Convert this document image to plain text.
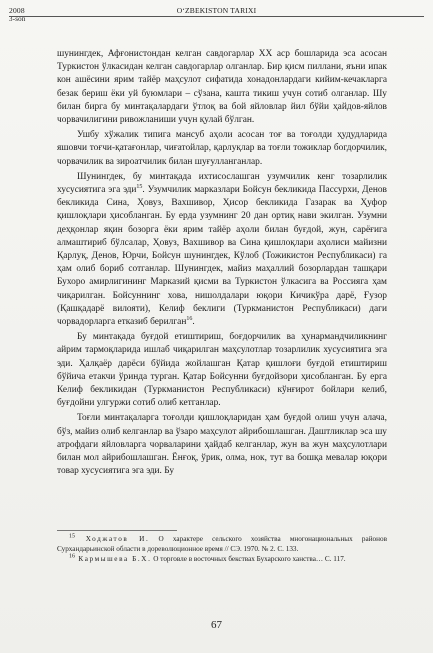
2008
3-son
O‘ZBEKISTON TARIXI

шунингдек, Афғонистондан келган савдогарлар ХХ аср бошларида эса асосан Туркистон ўлкасидан келган савдогарлар олганлар. Бир қисм пиллани, яъни ипак кон ашёсини ярим тайёр маҳсулот сифатида хонадонлардаги кийим-кечакларга безак бериш ёки уй буюмлари – сўзана, кашта тикиш учун сотиб олганлар. Шу билан бирга бу минтақалардаги ўтлоқ ва бой яйловлар йил бўйи ҳайдов-яйлов чорвачилигини ривожланиши учун қулай бўлган.

Ушбу хўжалик типига мансуб аҳоли асосан тоғ ва тоғолди ҳудудларида яшовчи тоғчи-қатағонлар, чиғатойлар, қарлуқлар ва тоғли тожиклар богдорчилик, чорвачилик ва зироатчилик билан шуғулланганлар.

Шунингдек, бу минтақада ихтисослашган узумчилик кенг тозарлилик хусусиятига эга эди$^{15}$. Узумчилик марказлари Бойсун бекликида Пассурхи, Денов бекликида Сина, Ҳовуз, Вахшивор, Ҳисор бекликида Газарак ва Ҳуфор қишлоқлари ҳисобланган. Бу ерда узумнинг 20 дан ортиқ нави экилган. Узумни деҳқонлар яқин бозорга ёки ярим тайёр аҳоли билан буғдой, жун, сарёғига алмаштириб бўлсалар, Ҳовуз, Вахшивор ва Сина қишлоқлари аҳолиси майизни Қарлуқ, Денов, Юрчи, Бойсун шунингдек, Кўлоб (Тожикистон Республикаси) га ҳам олиб бориб сотганлар. Шунингдек, майиз маҳаллий бозорлардан ташқари Бухоро амирлигининг Марказий қисми ва Туркистон ўлкасига ва Россияга ҳам чиқарилган. Бойсуннинг хова, нишолдалари юқори Кичикўра дарё, Ғузор (Қашқадарё вилояти), Келиф беклиги (Туркманистон Республикаси) даги чорвадорларга етказиб берилган$^{16}$.

Бу минтақада буғдой етиштириш, боғдорчилик ва ҳунармандчиликнинг айрим тармоқларида ишлаб чиқарилган маҳсулотлар тозарлилик хусусиятига эга эди. Ҳалқаёр дарёси бўйида жойлашган Қатар қишлоғи буғдой етиштириш бўйича етакчи ўринда турган. Қатар Бойсунни буғдойзори ҳисобланган. Бу ерга Келиф бекликидан (Туркманистон Республикаси) кўнғирот бойлари келиб, буғдойни улгуржи сотиб олиб кетганлар.

Тоғли минтақаларга тоғолди қишлоқларидан ҳам буғдой олиш учун алача, бўз, майиз олиб келганлар ва ўзаро маҳсулот айрибошлашган. Даштликлар эса шу атрофдаги яйловларга чорваларини ҳайдаб келганлар, жун ва жун маҳсулотлари билан мол айрибошлашган. Ёнғоқ, ўрик, олма, нок, тут ва бошқа мевалар юқори товар хусусиятига эга эди. Бу

$^{15}$ Ходжатов И. О характере сельского хозяйства многонациональных районов Сурхандарьинской области в дореволюционное время // СЭ. 1970. № 2. С. 133.

$^{16}$ Кармышева Б.Х. О торговле в восточных бекствах Бухарского ханства… С. 117.

67
